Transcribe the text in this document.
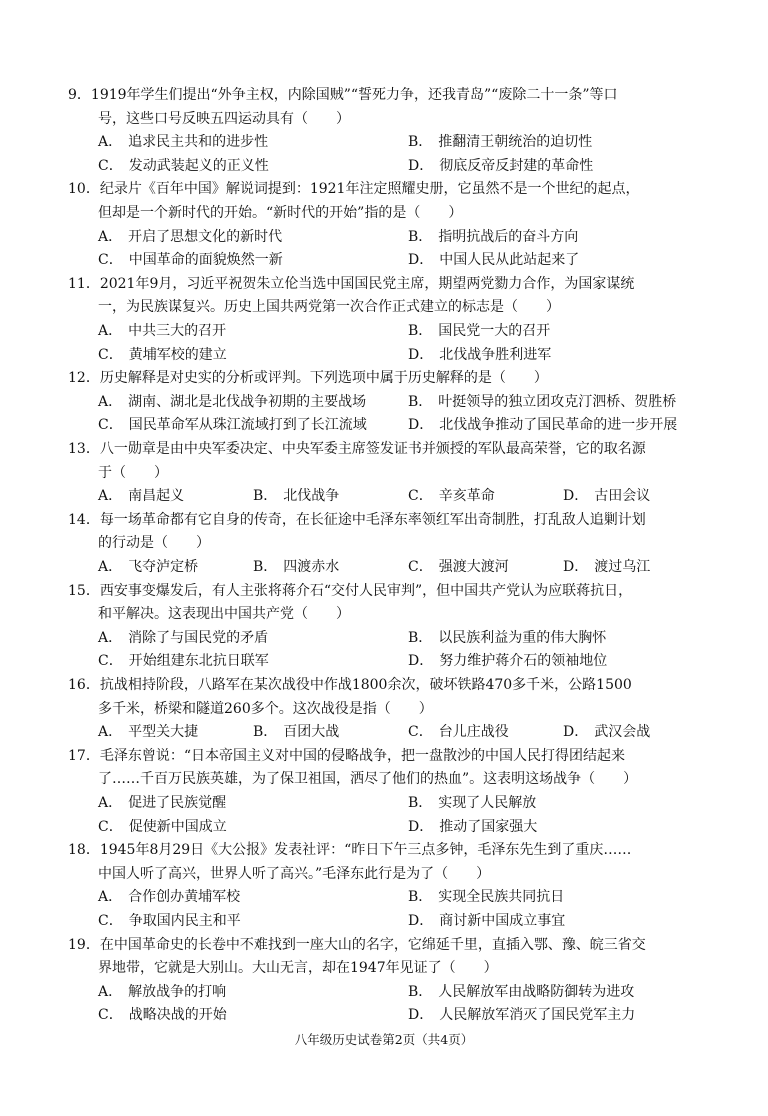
9．1919年学生们提出“外争主权，内除国贼”“誓死力争，还我青岛”“废除二十一条”等口
号，这些口号反映五四运动具有（　　）
A． 追求民主共和的进步性	B． 推翻清王朝统治的迫切性
C． 发动武装起义的正义性	D． 彻底反帝反封建的革命性
10．纪录片《百年中国》解说词提到：1921年注定照耀史册，它虽然不是一个世纪的起点，
但却是一个新时代的开始。“新时代的开始”指的是（　　）
A． 开启了思想文化的新时代	B． 指明抗战后的奋斗方向
C． 中国革命的面貌焕然一新	D． 中国人民从此站起来了
11．2021年9月，习近平祝贺朱立伦当选中国国民党主席，期望两党勠力合作，为国家谋统
一，为民族谋复兴。历史上国共两党第一次合作正式建立的标志是（　　）
A． 中共三大的召开	B． 国民党一大的召开
C． 黄埔军校的建立	D． 北伐战争胜利进军
12．历史解释是对史实的分析或评判。下列选项中属于历史解释的是（　　）
A． 湖南、湖北是北伐战争初期的主要战场	B． 叶挺领导的独立团攻克汀泗桥、贺胜桥
C． 国民革命军从珠江流域打到了长江流域	D． 北伐战争推动了国民革命的进一步开展
13．八一勋章是由中央军委决定、中央军委主席签发证书并颁授的军队最高荣誉，它的取名源
于（　　）
A． 南昌起义	B． 北伐战争	C． 辛亥革命	D． 古田会议
14．每一场革命都有它自身的传奇，在长征途中毛泽东率领红军出奇制胜，打乱敌人追剿计划
的行动是（　　）
A． 飞夺泸定桥	B． 四渡赤水	C． 强渡大渡河	D． 渡过乌江
15．西安事变爆发后，有人主张将蒋介石“交付人民审判”，但中国共产党认为应联蒋抗日，
和平解决。这表现出中国共产党（　　）
A． 消除了与国民党的矛盾	B． 以民族利益为重的伟大胸怀
C． 开始组建东北抗日联军	D． 努力维护蒋介石的领袖地位
16．抗战相持阶段，八路军在某次战役中作战1800余次，破坏铁路470多千米，公路1500
多千米，桥梁和隧道260多个。这次战役是指（　　）
A． 平型关大捷	B． 百团大战	C． 台儿庄战役	D． 武汉会战
17．毛泽东曾说：“日本帝国主义对中国的侵略战争，把一盘散沙的中国人民打得团结起来
了……千百万民族英雄，为了保卫祖国，洒尽了他们的热血”。这表明这场战争（　　）
A． 促进了民族觉醒	B． 实现了人民解放
C． 促使新中国成立	D． 推动了国家强大
18．1945年8月29日《大公报》发表社评：“昨日下午三点多钟，毛泽东先生到了重庆……
中国人听了高兴，世界人听了高兴。”毛泽东此行是为了（　　）
A． 合作创办黄埔军校	B． 实现全民族共同抗日
C． 争取国内民主和平	D． 商讨新中国成立事宜
19．在中国革命史的长卷中不难找到一座大山的名字，它绵延千里，直插入鄂、豫、皖三省交
界地带，它就是大别山。大山无言，却在1947年见证了（　　）
A． 解放战争的打响	B． 人民解放军由战略防御转为进攻
C． 战略决战的开始	D． 人民解放军消灭了国民党军主力
八年级历史试卷第2页（共4页）
